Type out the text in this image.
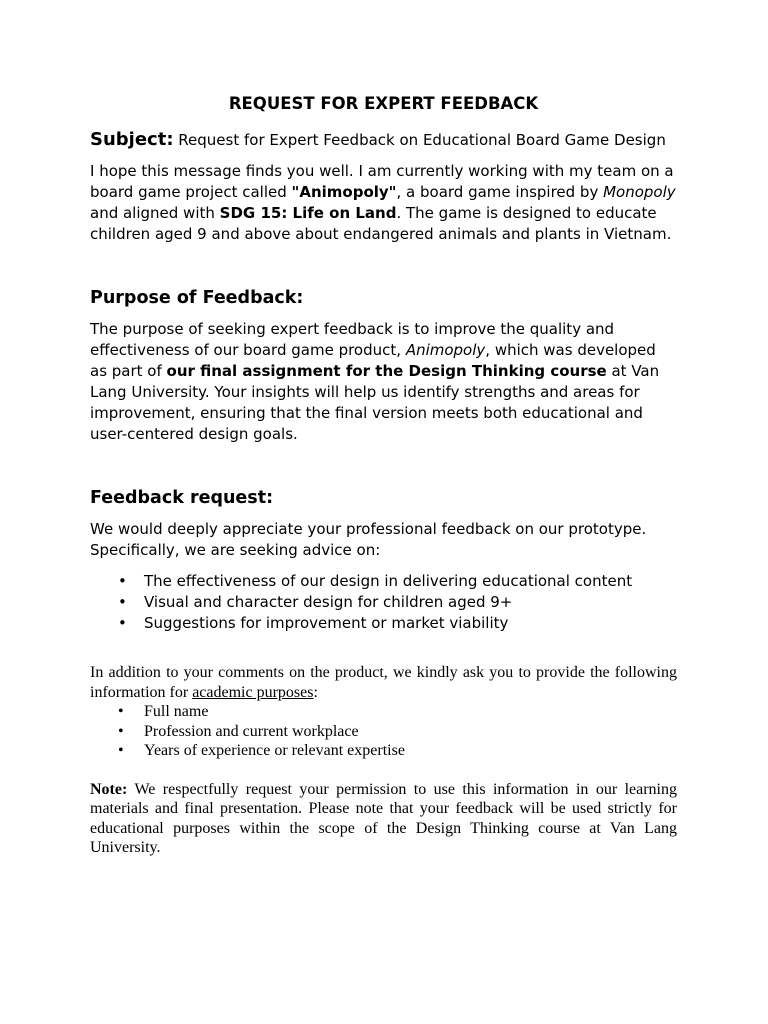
REQUEST FOR EXPERT FEEDBACK

Subject: Request for Expert Feedback on Educational Board Game Design

I hope this message finds you well. I am currently working with my team on a board game project called "Animopoly", a board game inspired by Monopoly and aligned with SDG 15: Life on Land. The game is designed to educate children aged 9 and above about endangered animals and plants in Vietnam.

Purpose of Feedback:

The purpose of seeking expert feedback is to improve the quality and effectiveness of our board game product, Animopoly, which was developed as part of our final assignment for the Design Thinking course at Van Lang University. Your insights will help us identify strengths and areas for improvement, ensuring that the final version meets both educational and user-centered design goals.

Feedback request:

We would deeply appreciate your professional feedback on our prototype. Specifically, we are seeking advice on:

• The effectiveness of our design in delivering educational content
• Visual and character design for children aged 9+
• Suggestions for improvement or market viability

In addition to your comments on the product, we kindly ask you to provide the following information for academic purposes:

• Full name
• Profession and current workplace
• Years of experience or relevant expertise

Note: We respectfully request your permission to use this information in our learning materials and final presentation. Please note that your feedback will be used strictly for educational purposes within the scope of the Design Thinking course at Van Lang University.
